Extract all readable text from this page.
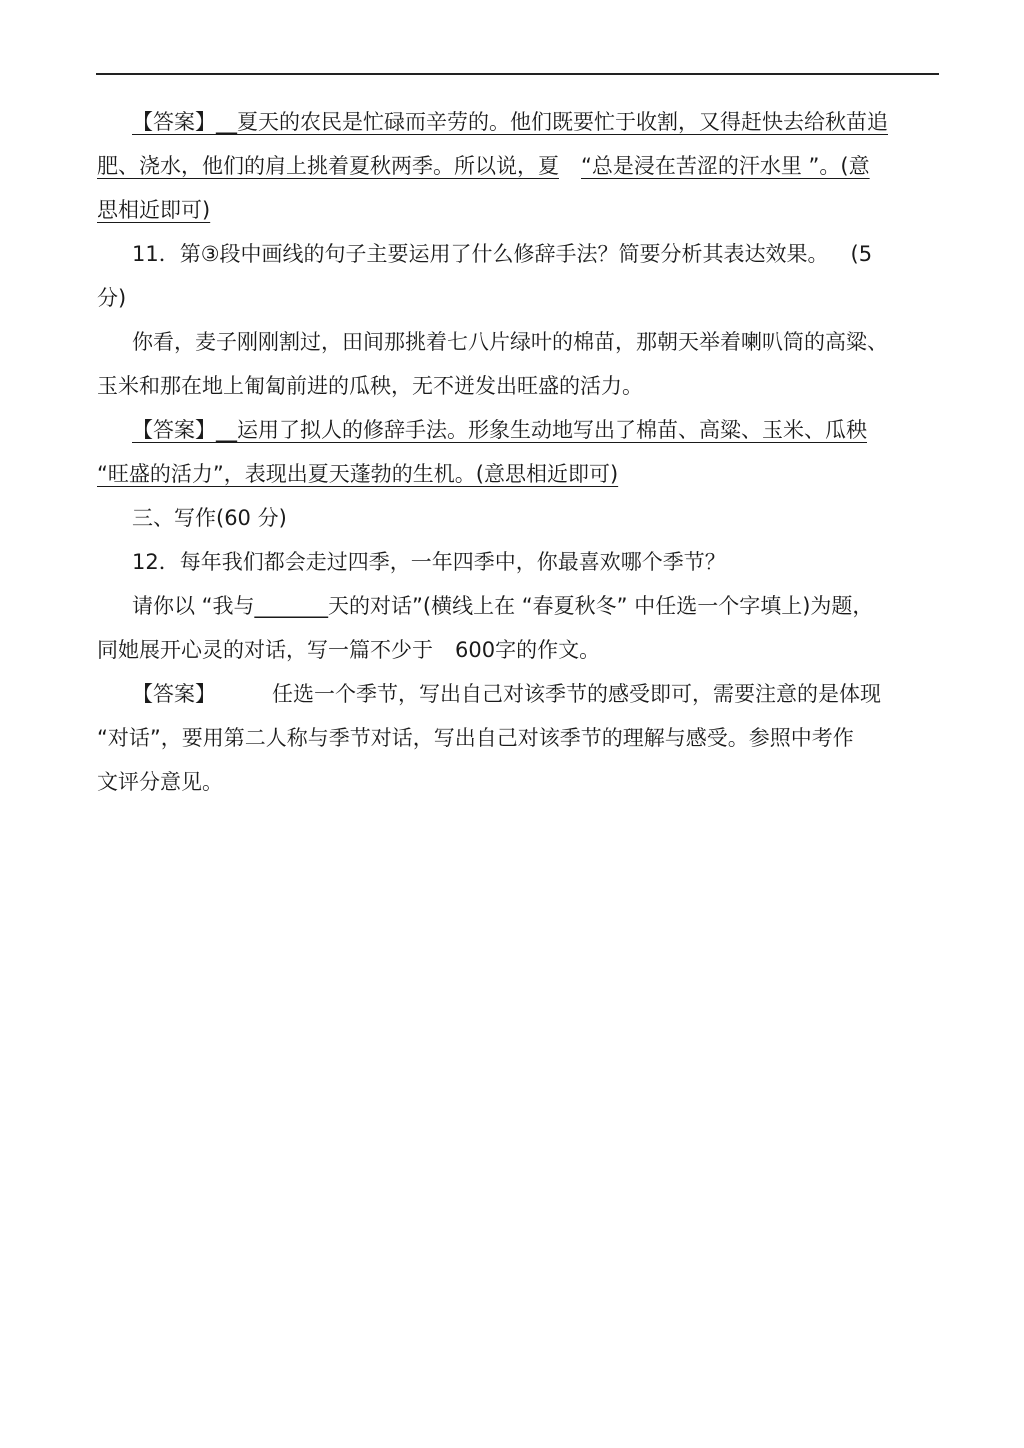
【答案】__夏天的农民是忙碌而辛劳的。他们既要忙于收割，又得赶快去给秋苗追
肥、浇水，他们的肩上挑着夏秋两季。所以说，夏 “总是浸在苦涩的汗水里 ”。(意
思相近即可)
11．第③段中画线的句子主要运用了什么修辞手法？简要分析其表达效果。 (5
分)
你看，麦子刚刚割过，田间那挑着七八片绿叶的棉苗，那朝天举着喇叭筒的高粱、
玉米和那在地上匍匐前进的瓜秧，无不迸发出旺盛的活力。
【答案】__运用了拟人的修辞手法。形象生动地写出了棉苗、高粱、玉米、瓜秧
“旺盛的活力”，表现出夏天蓬勃的生机。(意思相近即可)
三、写作(60 分)
12．每年我们都会走过四季，一年四季中，你最喜欢哪个季节？
请你以 “我与_______天的对话”(横线上在 “春夏秋冬” 中任选一个字填上)为题，
同她展开心灵的对话，写一篇不少于 600字的作文。
【答案】	任选一个季节，写出自己对该季节的感受即可，需要注意的是体现
“对话”，要用第二人称与季节对话，写出自己对该季节的理解与感受。参照中考作
文评分意见。
